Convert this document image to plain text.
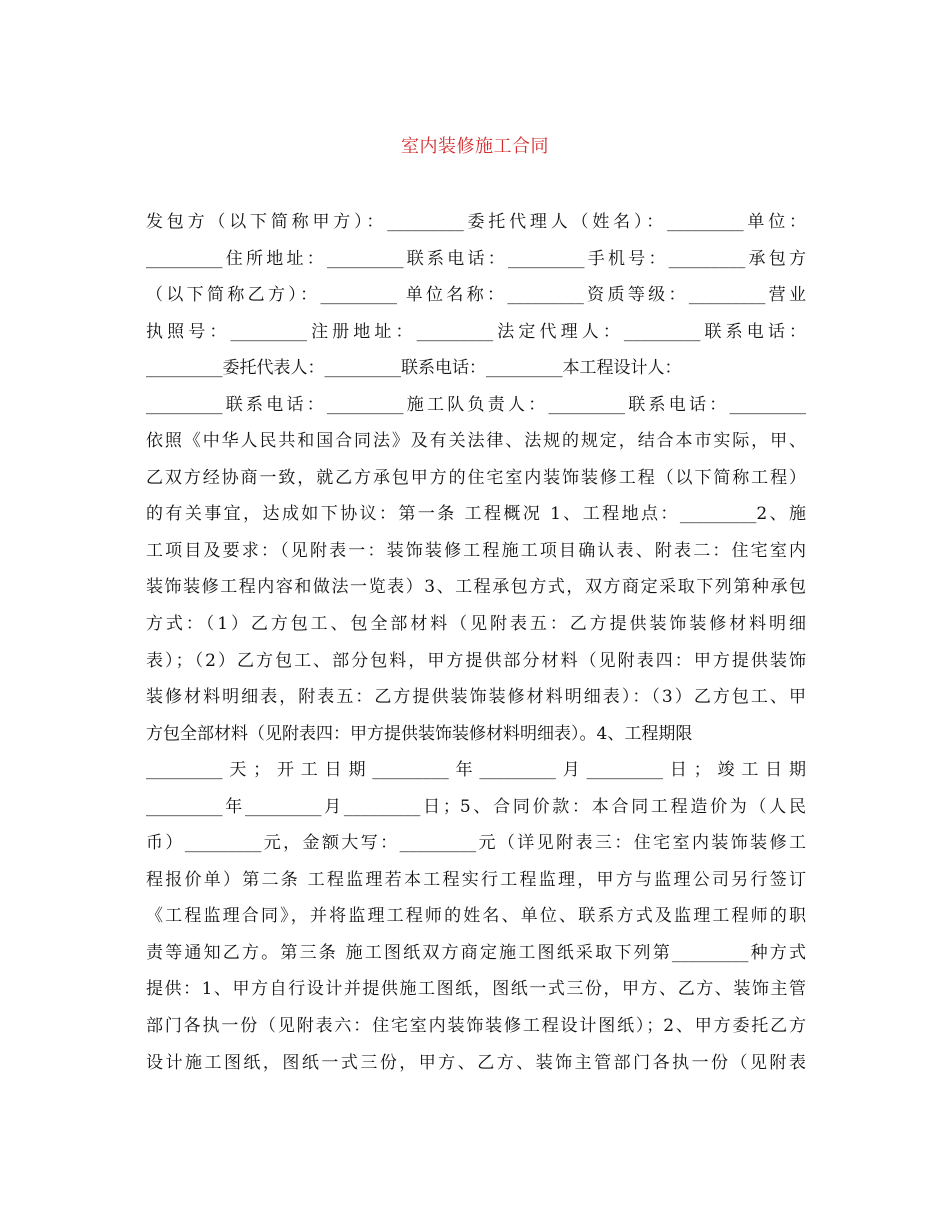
室内装修施工合同
发包方（以下简称甲方）：_________委托代理人（姓名）：_________单位：
_________住所地址：_________联系电话：_________手机号：_________承包方
（以下简称乙方）：_________ 单位名称：_________资质等级：_________营业
执照号：_________注册地址：_________法定代理人：_________联系电话：
_________委托代表人：_________联系电话：_________本工程设计人：
_________联系电话：_________施工队负责人：_________联系电话：_________
依照《中华人民共和国合同法》及有关法律、法规的规定，结合本市实际，甲、
乙双方经协商一致，就乙方承包甲方的住宅室内装饰装修工程（以下简称工程）
的有关事宜，达成如下协议：第一条 工程概况 1、工程地点：_________2、施
工项目及要求：（见附表一：装饰装修工程施工项目确认表、附表二：住宅室内
装饰装修工程内容和做法一览表）3、工程承包方式，双方商定采取下列第种承包
方式：（1）乙方包工、包全部材料（见附表五：乙方提供装饰装修材料明细
表）；（2）乙方包工、部分包料，甲方提供部分材料（见附表四：甲方提供装饰
装修材料明细表，附表五：乙方提供装饰装修材料明细表）：（3）乙方包工、甲
方包全部材料（见附表四：甲方提供装饰装修材料明细表）。4、工程期限
_________天；开工日期_________年_________月_________日；竣工日期
_________年_________月_________日；5、合同价款：本合同工程造价为（人民
币）_________元，金额大写：_________元（详见附表三：住宅室内装饰装修工
程报价单）第二条 工程监理若本工程实行工程监理，甲方与监理公司另行签订
《工程监理合同》，并将监理工程师的姓名、单位、联系方式及监理工程师的职
责等通知乙方。第三条 施工图纸双方商定施工图纸采取下列第_________种方式
提供：1、甲方自行设计并提供施工图纸，图纸一式三份，甲方、乙方、装饰主管
部门各执一份（见附表六：住宅室内装饰装修工程设计图纸）；2、甲方委托乙方
设计施工图纸，图纸一式三份，甲方、乙方、装饰主管部门各执一份（见附表
